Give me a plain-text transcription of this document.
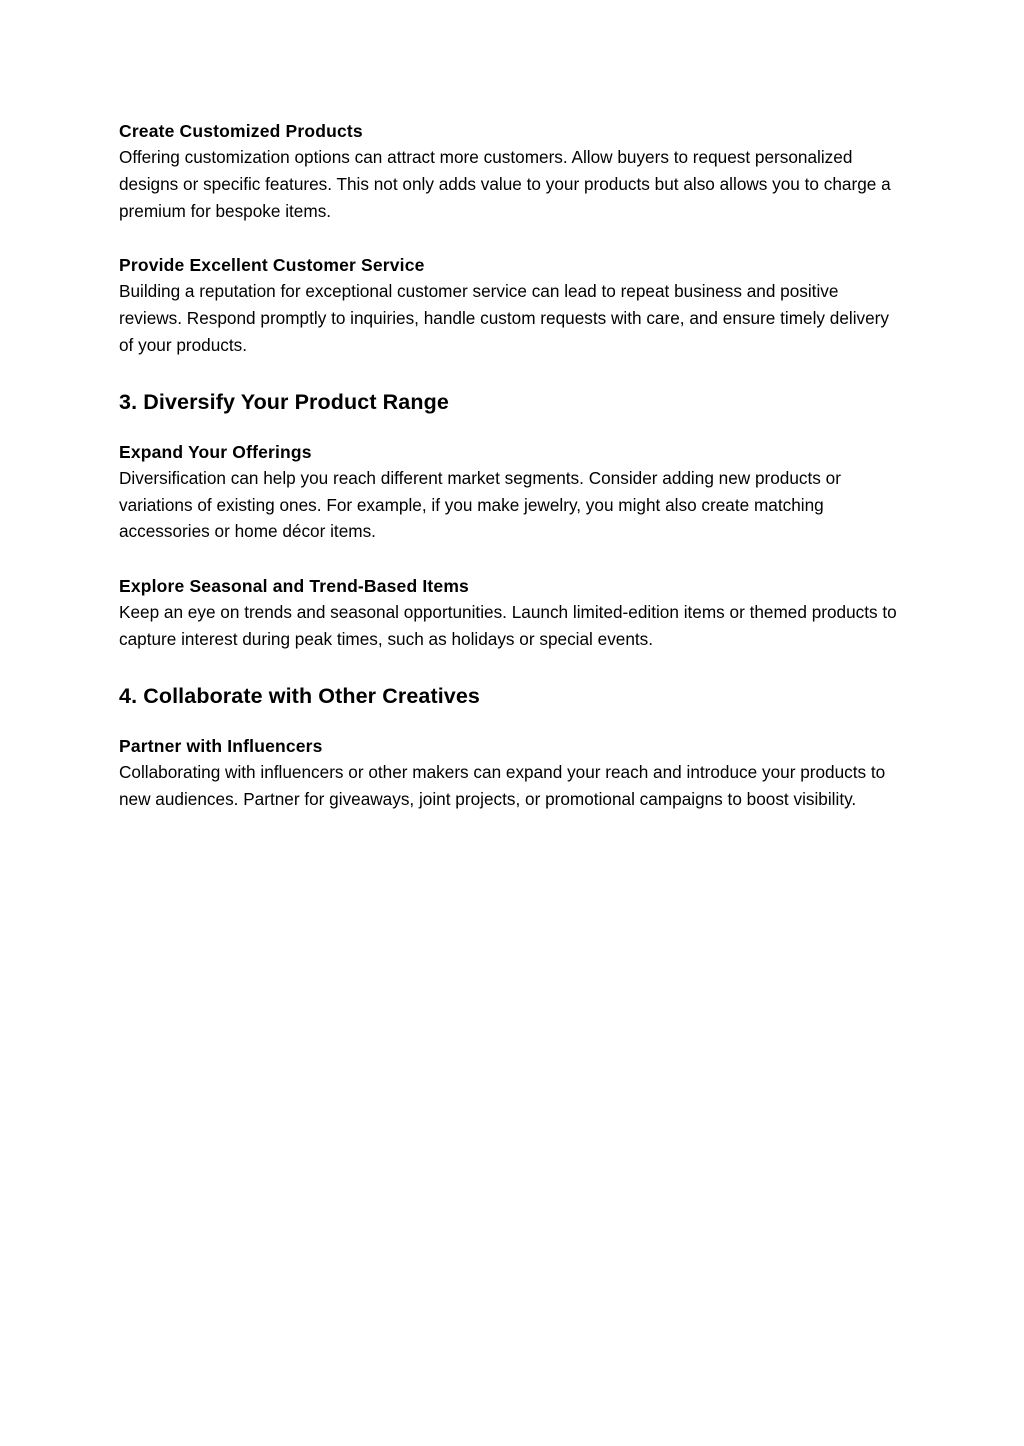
Create Customized Products

Offering customization options can attract more customers. Allow buyers to request personalized designs or specific features. This not only adds value to your products but also allows you to charge a premium for bespoke items.

Provide Excellent Customer Service

Building a reputation for exceptional customer service can lead to repeat business and positive reviews. Respond promptly to inquiries, handle custom requests with care, and ensure timely delivery of your products.

3. Diversify Your Product Range
Expand Your Offerings

Diversification can help you reach different market segments. Consider adding new products or variations of existing ones. For example, if you make jewelry, you might also create matching accessories or home décor items.

Explore Seasonal and Trend-Based Items

Keep an eye on trends and seasonal opportunities. Launch limited-edition items or themed products to capture interest during peak times, such as holidays or special events.

4. Collaborate with Other Creatives
Partner with Influencers

Collaborating with influencers or other makers can expand your reach and introduce your products to new audiences. Partner for giveaways, joint projects, or promotional campaigns to boost visibility.
